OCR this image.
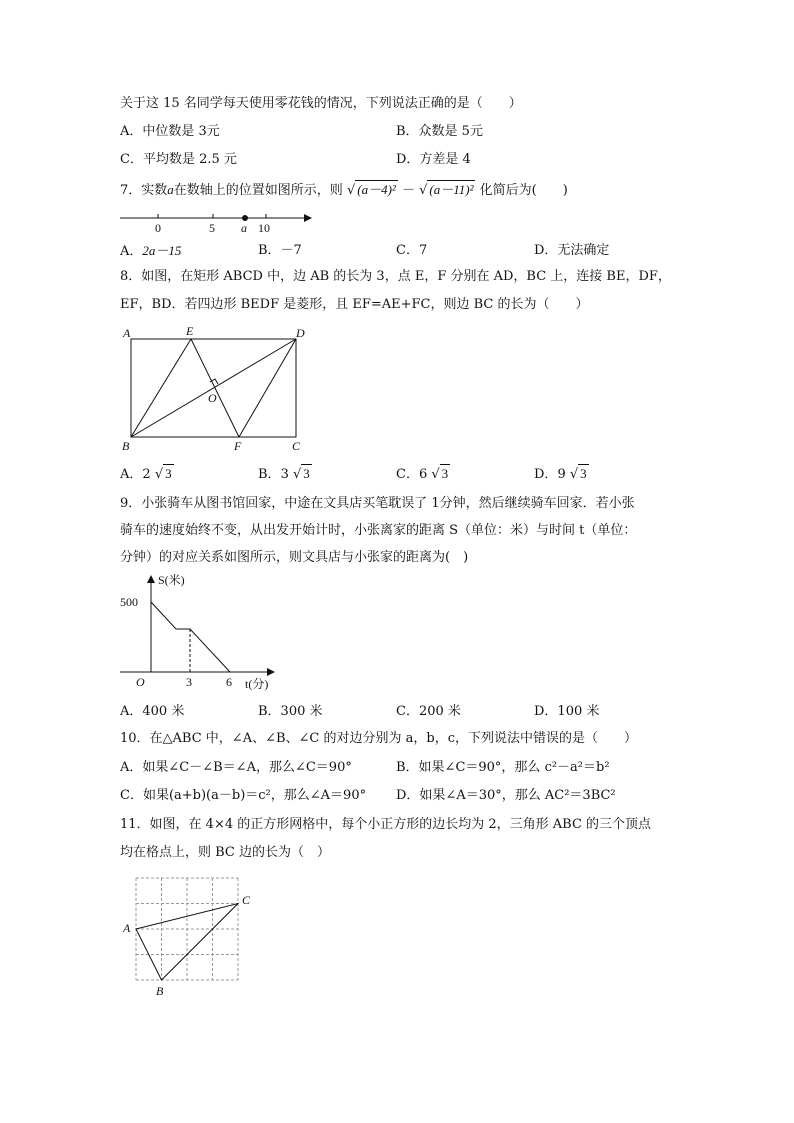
关于这 15 名同学每天使用零花钱的情况，下列说法正确的是（　　）
A．中位数是 3元	B．众数是 5元
C．平均数是 2.5 元	D．方差是 4
7．实数a在数轴上的位置如图所示，则 √ (a－4)² － √ (a－11)² 化简后为(　　)
0	5 a 10
A．2a－15	B．－7	C．7	D．无法确定
8．如图，在矩形 ABCD 中，边 AB 的长为 3，点 E，F 分别在 AD，BC 上，连接 BE，DF，
EF，BD．若四边形 BEDF 是菱形，且 EF=AE+FC，则边 BC 的长为（　　）
A	E	D
O
B	F	C
A．2 √ 3	B．3 √ 3	C．6 √ 3	D．9 √ 3
9．小张骑车从图书馆回家，中途在文具店买笔耽误了 1分钟，然后继续骑车回家．若小张
骑车的速度始终不变，从出发开始计时，小张离家的距离 S（单位：米）与时间 t（单位：
分钟）的对应关系如图所示，则文具店与小张家的距离为(　)
S(米)
500
O	3	6 t(分)
A．400 米	B．300 米	C．200 米	D．100 米
10．在△ABC 中，∠A、∠B、∠C 的对边分别为 a，b，c，下列说法中错误的是（　　）
A．如果∠C－∠B＝∠A，那么∠C＝90°	B．如果∠C＝90°，那么 c²－a²＝b²
C．如果(a+b)(a－b)＝c²，那么∠A＝90° D．如果∠A＝30°，那么 AC²＝3BC²
11．如图，在 4×4 的正方形网格中，每个小正方形的边长均为 2，三角形 ABC 的三个顶点
均在格点上，则 BC 边的长为（　）
A
C
B
